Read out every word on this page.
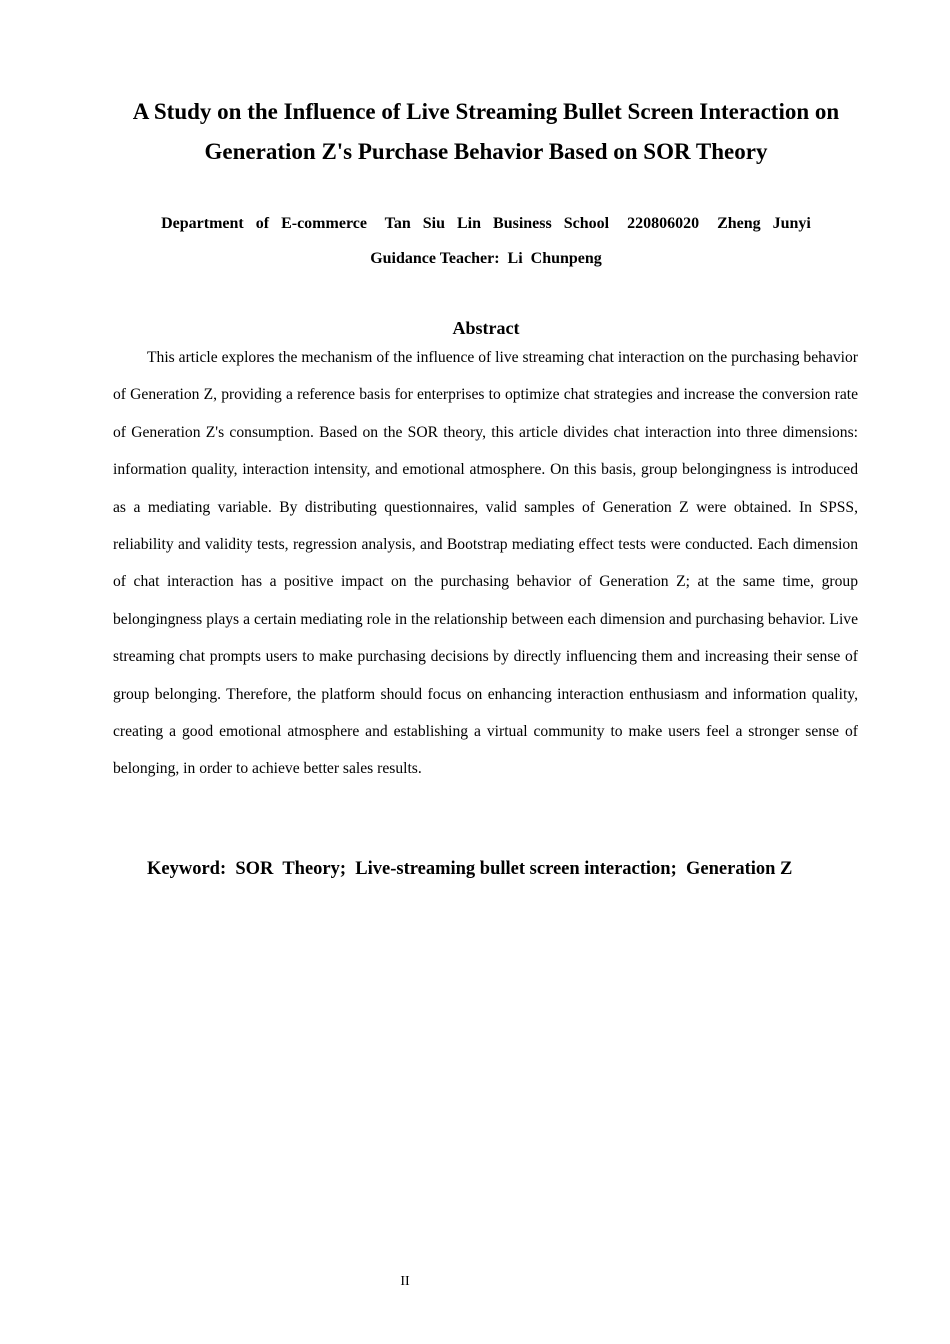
A Study on the Influence of Live Streaming Bullet Screen Interaction on
Generation Z's Purchase Behavior Based on SOR Theory
Department  of  E-commerce   Tan  Siu  Lin  Business  School   220806020   Zheng  Junyi
Guidance Teacher:  Li  Chunpeng
Abstract

This article explores the mechanism of the influence of live streaming chat interaction on the purchasing behavior of Generation Z, providing a reference basis for enterprises to optimize chat strategies and increase the conversion rate of Generation Z's consumption. Based on the SOR theory, this article divides chat interaction into three dimensions: information quality, interaction intensity, and emotional atmosphere. On this basis, group belongingness is introduced as a mediating variable. By distributing questionnaires, valid samples of Generation Z were obtained. In SPSS, reliability and validity tests, regression analysis, and Bootstrap mediating effect tests were conducted. Each dimension of chat interaction has a positive impact on the purchasing behavior of Generation Z; at the same time, group belongingness plays a certain mediating role in the relationship between each dimension and purchasing behavior. Live streaming chat prompts users to make purchasing decisions by directly influencing them and increasing their sense of group belonging. Therefore, the platform should focus on enhancing interaction enthusiasm and information quality, creating a good emotional atmosphere and establishing a virtual community to make users feel a stronger sense of belonging, in order to achieve better sales results.

Keyword:  SOR  Theory;  Live-streaming bullet screen interaction;  Generation Z
II
